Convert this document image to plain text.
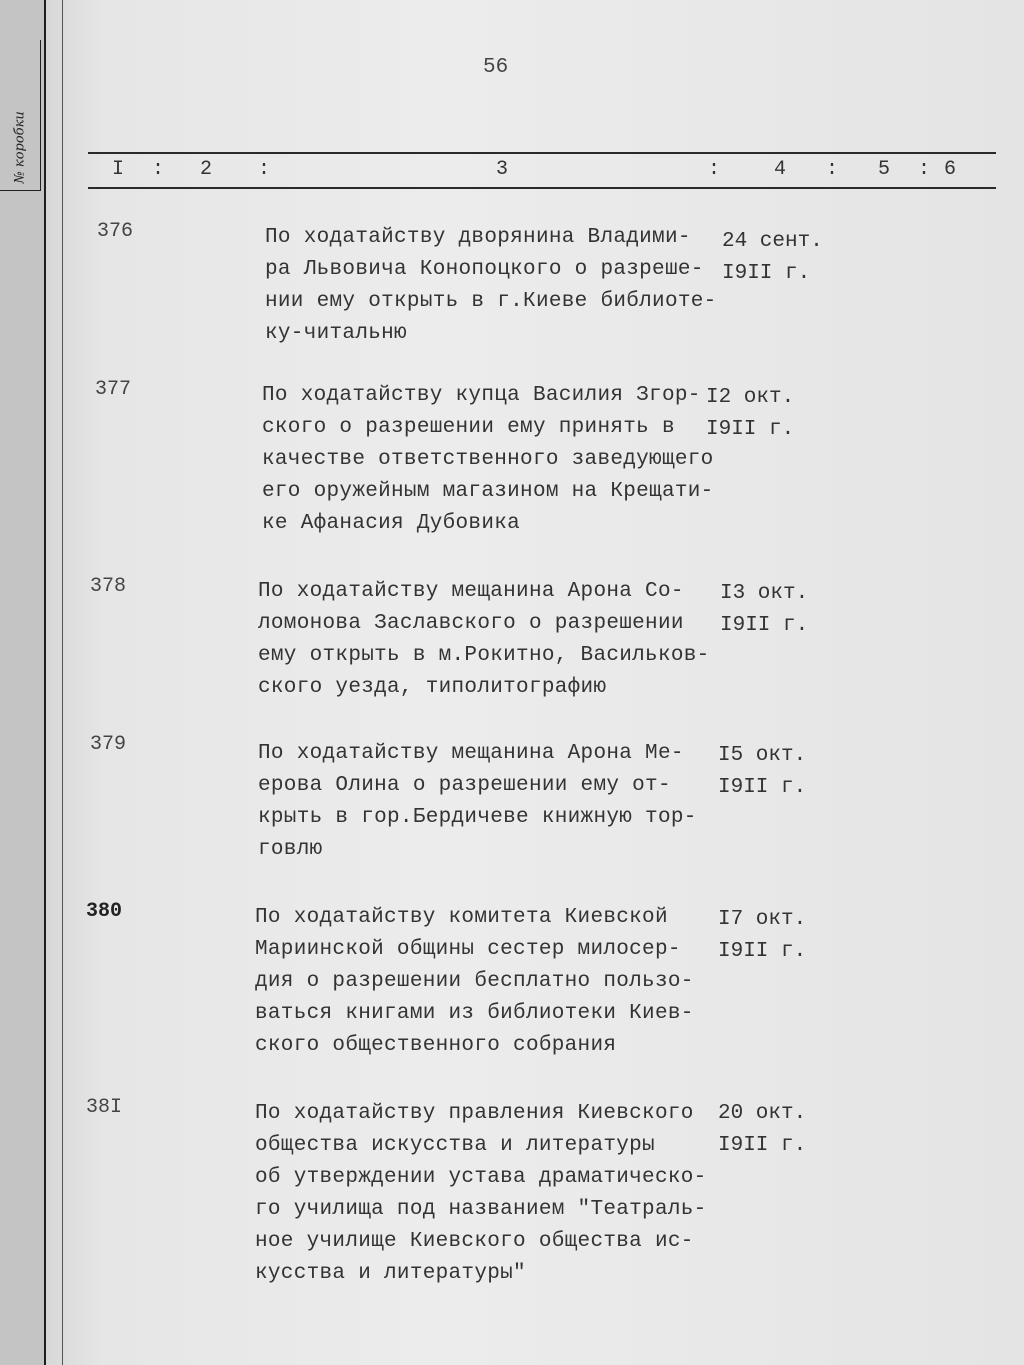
№ коробки
56
I : 2 :	3	:	4 : 5 : 6
376	По ходатайству дворянина Владими-
ра Львовича Конопоцкого о разреше-
нии ему открыть в г.Киеве библиоте-
ку-читальню
24 сент.
I9II г.
377	По ходатайству купца Василия Згор-
ского о разрешении ему принять в
качестве ответственного заведующего
его оружейным магазином на Крещати-
ке Афанасия Дубовика
I2 окт.
I9II г.
378	По ходатайству мещанина Арона Со-
ломонова Заславского о разрешении
ему открыть в м.Рокитно, Васильков-
ского уезда, типолитографию
I3 окт.
I9II г.
379	По ходатайству мещанина Арона Ме-
ерова Олина о разрешении ему от-
крыть в гор.Бердичеве книжную тор-
говлю
I5 окт.
I9II г.
380	По ходатайству комитета Киевской
Мариинской общины сестер милосер-
дия о разрешении бесплатно пользо-
ваться книгами из библиотеки Киев-
ского общественного собрания
I7 окт.
I9II г.
38I	По ходатайству правления Киевского
общества искусства и литературы
об утверждении устава драматическо-
го училища под названием "Театраль-
ное училище Киевского общества ис-
кусства и литературы"
20 окт.
I9II г.
